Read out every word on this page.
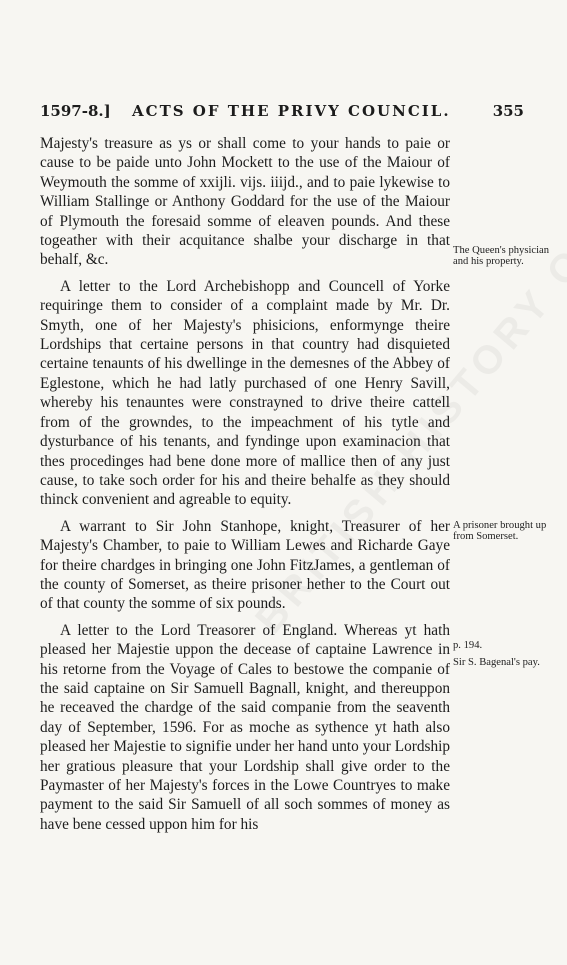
1597-8.] ACTS OF THE PRIVY COUNCIL.	355

Majesty's treasure as ys or shall come to your hands to paie or cause to be paide unto John Mockett to the use of the Maiour of Weymouth the somme of xxijli. vijs. iiijd., and to paie lykewise to William Stallinge or Anthony Goddard for the use of the Maiour of Plymouth the foresaid somme of eleaven pounds. And these togeather with their acquitance shalbe your discharge in that behalf, &c.

A letter to the Lord Archebishopp and Councell of Yorke requiringe them to consider of a complaint made by Mr. Dr. Smyth, one of her Majesty's phisicions, enformynge theire Lordships that certaine persons in that country had disquieted certaine tenaunts of his dwellinge in the demesnes of the Abbey of Eglestone, which he had latly purchased of one Henry Savill, whereby his tenauntes were constrayned to drive theire cattell from of the growndes, to the impeachment of his tytle and dysturbance of his tenants, and fyndinge upon examinacion that thes procedinges had bene done more of mallice then of any just cause, to take soch order for his and theire behalfe as they should thinck convenient and agreable to equity.

A warrant to Sir John Stanhope, knight, Treasurer of her Majesty's Chamber, to paie to William Lewes and Richarde Gaye for theire chardges in bringing one John FitzJames, a gentleman of the county of Somerset, as theire prisoner hether to the Court out of that county the somme of six pounds.

A letter to the Lord Treasorer of England. Whereas yt hath pleased her Majestie uppon the decease of captaine Lawrence in his retorne from the Voyage of Cales to bestowe the companie of the said captaine on Sir Samuell Bagnall, knight, and thereuppon he receaved the chardge of the said companie from the seaventh day of September, 1596. For as moche as sythence yt hath also pleased her Majestie to signifie under her hand unto your Lordship her gratious pleasure that your Lordship shall give order to the Paymaster of her Majesty's forces in the Lowe Countryes to make payment to the said Sir Samuell of all soch sommes of money as have bene cessed uppon him for his

The Queen's physician and his property.
A prisoner brought up from Somerset.
p. 194.
Sir S. Bagenal's pay.
